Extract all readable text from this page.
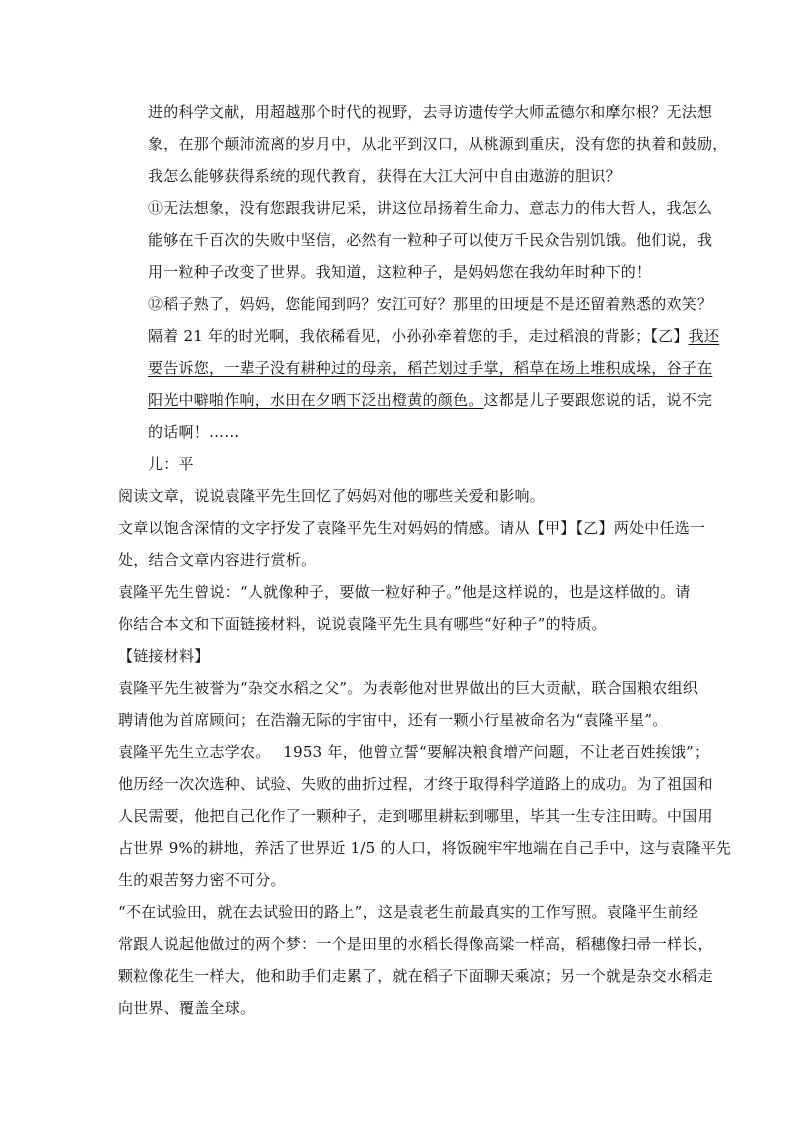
进的科学文献，用超越那个时代的视野，去寻访遗传学大师孟德尔和摩尔根？无法想
象，在那个颠沛流离的岁月中，从北平到汉口，从桃源到重庆，没有您的执着和鼓励，
我怎么能够获得系统的现代教育，获得在大江大河中自由遨游的胆识？
⑪无法想象，没有您跟我讲尼采，讲这位昂扬着生命力、意志力的伟大哲人，我怎么
能够在千百次的失败中坚信，必然有一粒种子可以使万千民众告别饥饿。他们说，我
用一粒种子改变了世界。我知道，这粒种子，是妈妈您在我幼年时种下的！
⑫稻子熟了，妈妈，您能闻到吗？安江可好？那里的田埂是不是还留着熟悉的欢笑？
隔着 21 年的时光啊，我依稀看见，小孙孙牵着您的手，走过稻浪的背影；【乙】我还
要告诉您，一辈子没有耕种过的母亲，稻芒划过手掌，稻草在场上堆积成垛，谷子在
阳光中噼啪作响，水田在夕晒下泛出橙黄的颜色。这都是儿子要跟您说的话，说不完
的话啊！……
儿：平
阅读文章，说说袁隆平先生回忆了妈妈对他的哪些关爱和影响。
文章以饱含深情的文字抒发了袁隆平先生对妈妈的情感。请从【甲】【乙】两处中任选一
处，结合文章内容进行赏析。
袁隆平先生曾说：“人就像种子，要做一粒好种子。”他是这样说的，也是这样做的。请
你结合本文和下面链接材料，说说袁隆平先生具有哪些“好种子”的特质。
【链接材料】
袁隆平先生被誉为“杂交水稻之父”。为表彰他对世界做出的巨大贡献，联合国粮农组织
聘请他为首席顾问；在浩瀚无际的宇宙中，还有一颗小行星被命名为“袁隆平星”。
袁隆平先生立志学农。　 1953 年，他曾立誓“要解决粮食增产问题，不让老百姓挨饿”；
他历经一次次选种、试验、失败的曲折过程，才终于取得科学道路上的成功。为了祖国和
人民需要，他把自己化作了一颗种子，走到哪里耕耘到哪里，毕其一生专注田畴。中国用
占世界 9%的耕地，养活了世界近 1/5 的人口，将饭碗牢牢地端在自己手中，这与袁隆平先
生的艰苦努力密不可分。
“不在试验田，就在去试验田的路上”，这是袁老生前最真实的工作写照。袁隆平生前经
常跟人说起他做过的两个梦：一个是田里的水稻长得像高粱一样高，稻穗像扫帚一样长，
颗粒像花生一样大，他和助手们走累了，就在稻子下面聊天乘凉；另一个就是杂交水稻走
向世界、覆盖全球。
